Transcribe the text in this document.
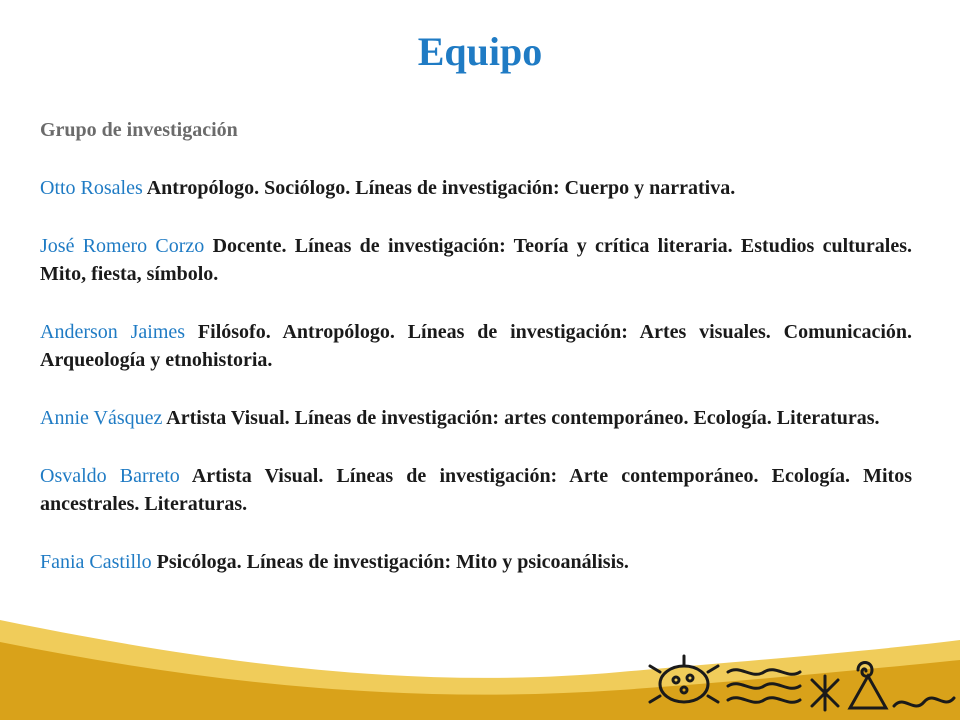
Equipo

Grupo de investigación

Otto Rosales Antropólogo. Sociólogo. Líneas de investigación: Cuerpo y narrativa.

José Romero Corzo Docente. Líneas de investigación: Teoría y crítica literaria. Estudios culturales. Mito, fiesta, símbolo.

Anderson Jaimes Filósofo. Antropólogo. Líneas de investigación: Artes visuales. Comunicación. Arqueología y etnohistoria.

Annie Vásquez Artista Visual. Líneas de investigación: artes contemporáneo. Ecología. Literaturas.

Osvaldo Barreto Artista Visual. Líneas de investigación: Arte contemporáneo. Ecología. Mitos ancestrales. Literaturas.

Fania Castillo Psicóloga. Líneas de investigación: Mito y psicoanálisis.
